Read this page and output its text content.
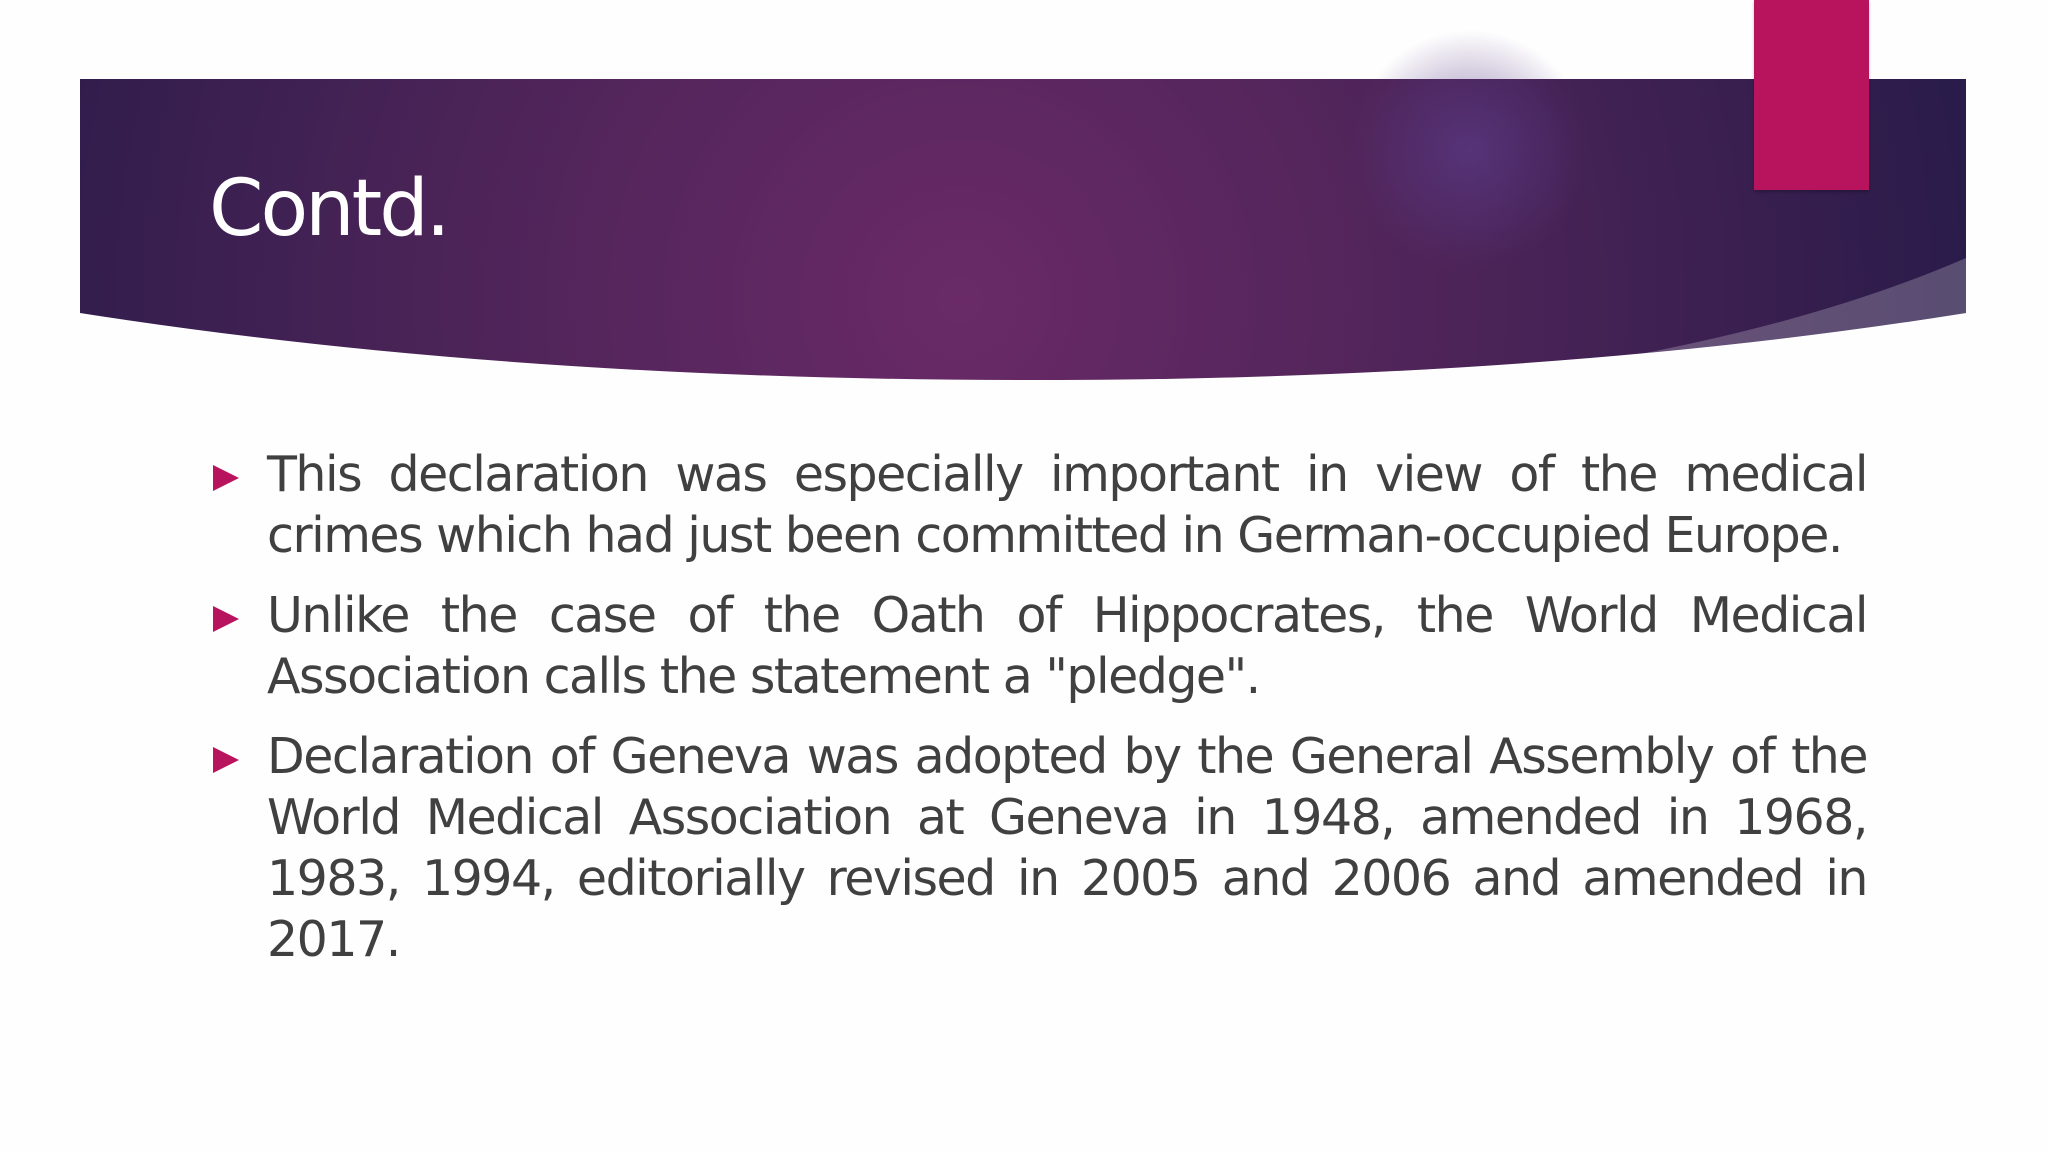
Contd.
This declaration was especially important in view of the medical crimes which had just been committed in German-occupied Europe.
Unlike the case of the Oath of Hippocrates, the World Medical Association calls the statement a "pledge".
Declaration of Geneva was adopted by the General Assembly of the World Medical Association at Geneva in 1948, amended in 1968, 1983, 1994, editorially revised in 2005 and 2006 and amended in 2017.
